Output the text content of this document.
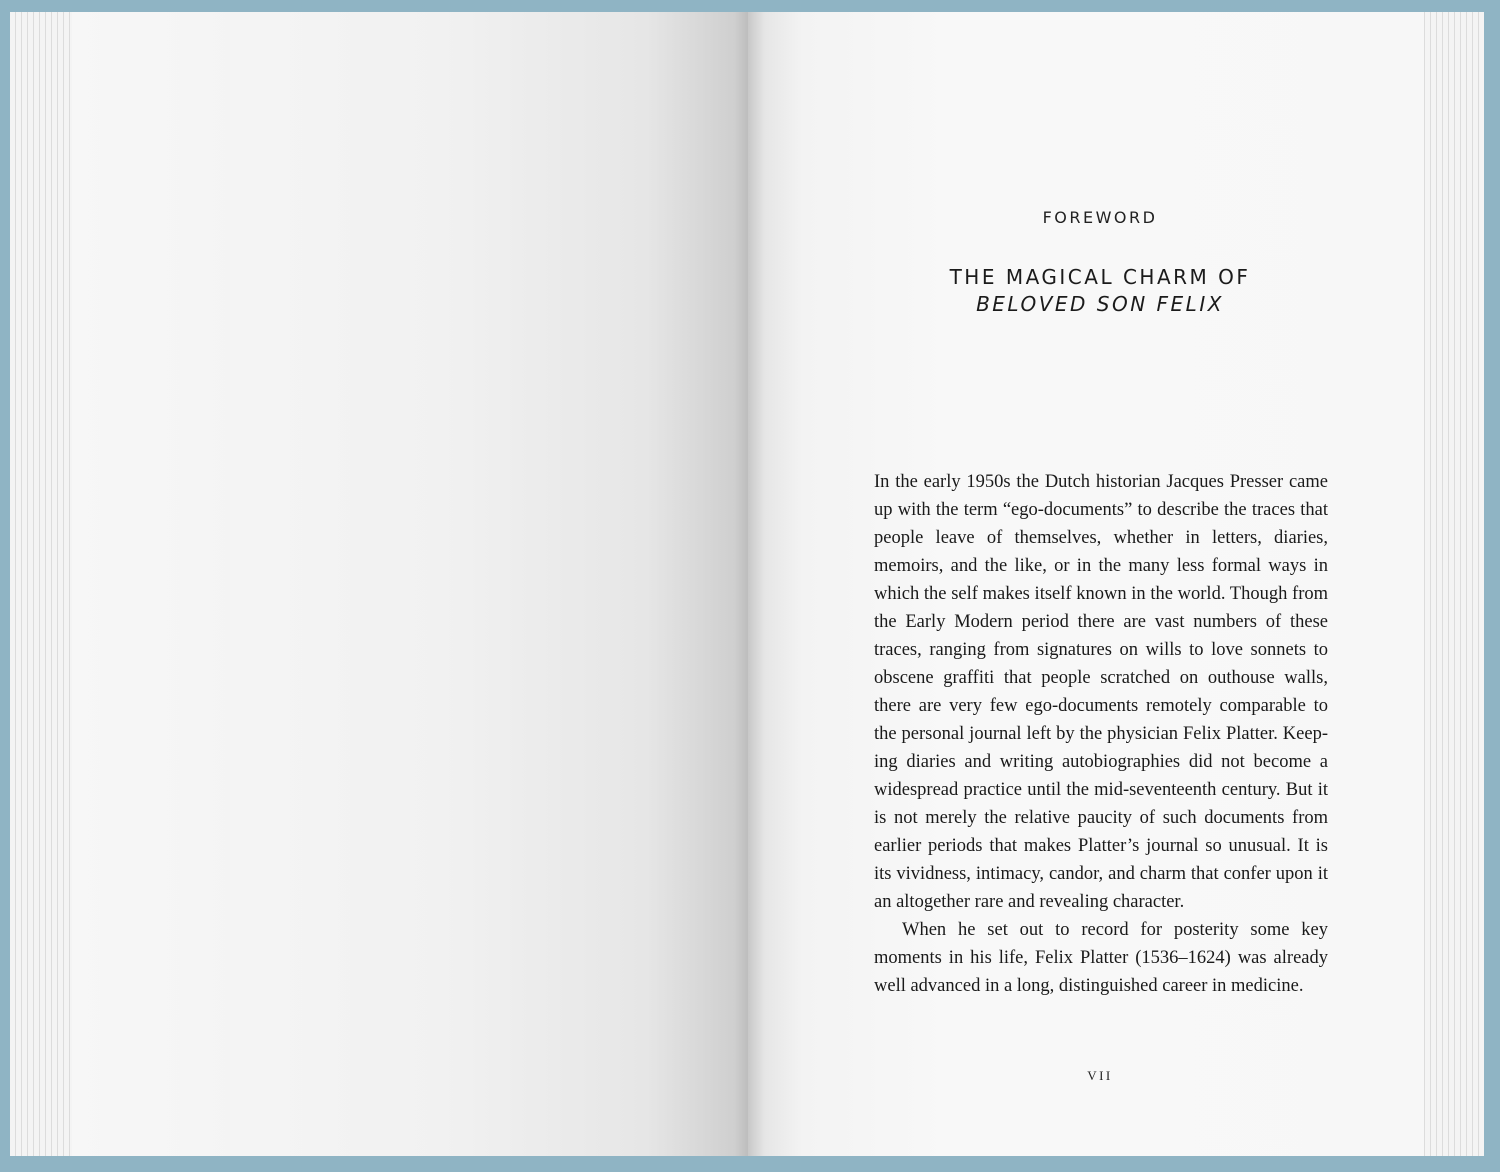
FOREWORD
THE MAGICAL CHARM OF
BELOVED SON FELIX

In the early 1950s the Dutch historian Jacques Presser came up with the term “ego-documents” to describe the traces that people leave of themselves, whether in letters, diaries, memoirs, and the like, or in the many less formal ways in which the self makes itself known in the world. Though from the Early Modern period there are vast numbers of these traces, ranging from signatures on wills to love sonnets to obscene graffiti that people scratched on outhouse walls, there are very few ego-documents remotely comparable to the personal journal left by the physician Felix Platter. Keep-ing diaries and writing autobiographies did not become a widespread practice until the mid-seventeenth century. But it is not merely the relative paucity of such documents from earlier periods that makes Platter’s journal so unusual. It is its vividness, intimacy, candor, and charm that confer upon it an altogether rare and revealing character.

When he set out to record for posterity some key moments in his life, Felix Platter (1536–1624) was already well advanced in a long, distinguished career in medicine.

VII
